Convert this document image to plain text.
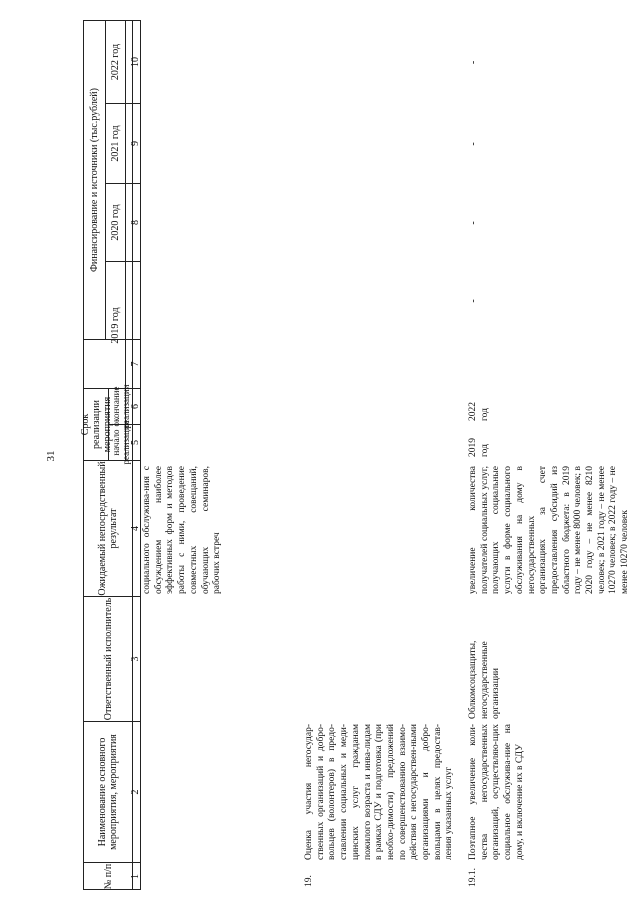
31
№ п/п
Наименование основного мероприятия, мероприятия
Ответственный исполнитель
Ожидаемый непосредственный результат
Срок реализации мероприятия
начало реализации
окончание реализации
Финансирование и источники (тыс.рублей)
2019 год
2020 год
2021 год
2022 год
1
2
3
4
5
6
7
8
9
10
социального обслужива-ния с обсуждением наиболее эффективных форм и методов работы с ними, проведение совместных совещаний, обучающих семинаров, рабочих встреч
19.
Оценка участия негосудар-ственных организаций и добро-вольцев (волонтеров) в предо-ставлении социальных и меди-цинских услуг гражданам пожилого возраста и инва-лидам в рамках СДУ и подготовка (при необхо-димости) предложений по совершенствованию взаимо-действия с негосударствен-ными организациями и добро-вольцами в целях предостав-ления указанных услуг
19.1.
Поэтапное увеличение коли-чества негосударственных организаций, осуществляю-щих социальное обслужива-ние на дому, и включение их в СДУ
Облкомсоцзащиты, негосударственные организации
увеличение количества получателей социальных услуг, получающих социальные услуги в форме социального обслуживания на дому в негосударственных организациях за счет предоставления субсидий из областного бюджета: в 2019 году – не менее 8000 человек; в 2020 году – не менее 8210 человек; в 2021 году – не менее 10270 человек; в 2022 году – не менее 10270 человек
2019 год
2022 год
-
-
-
-
